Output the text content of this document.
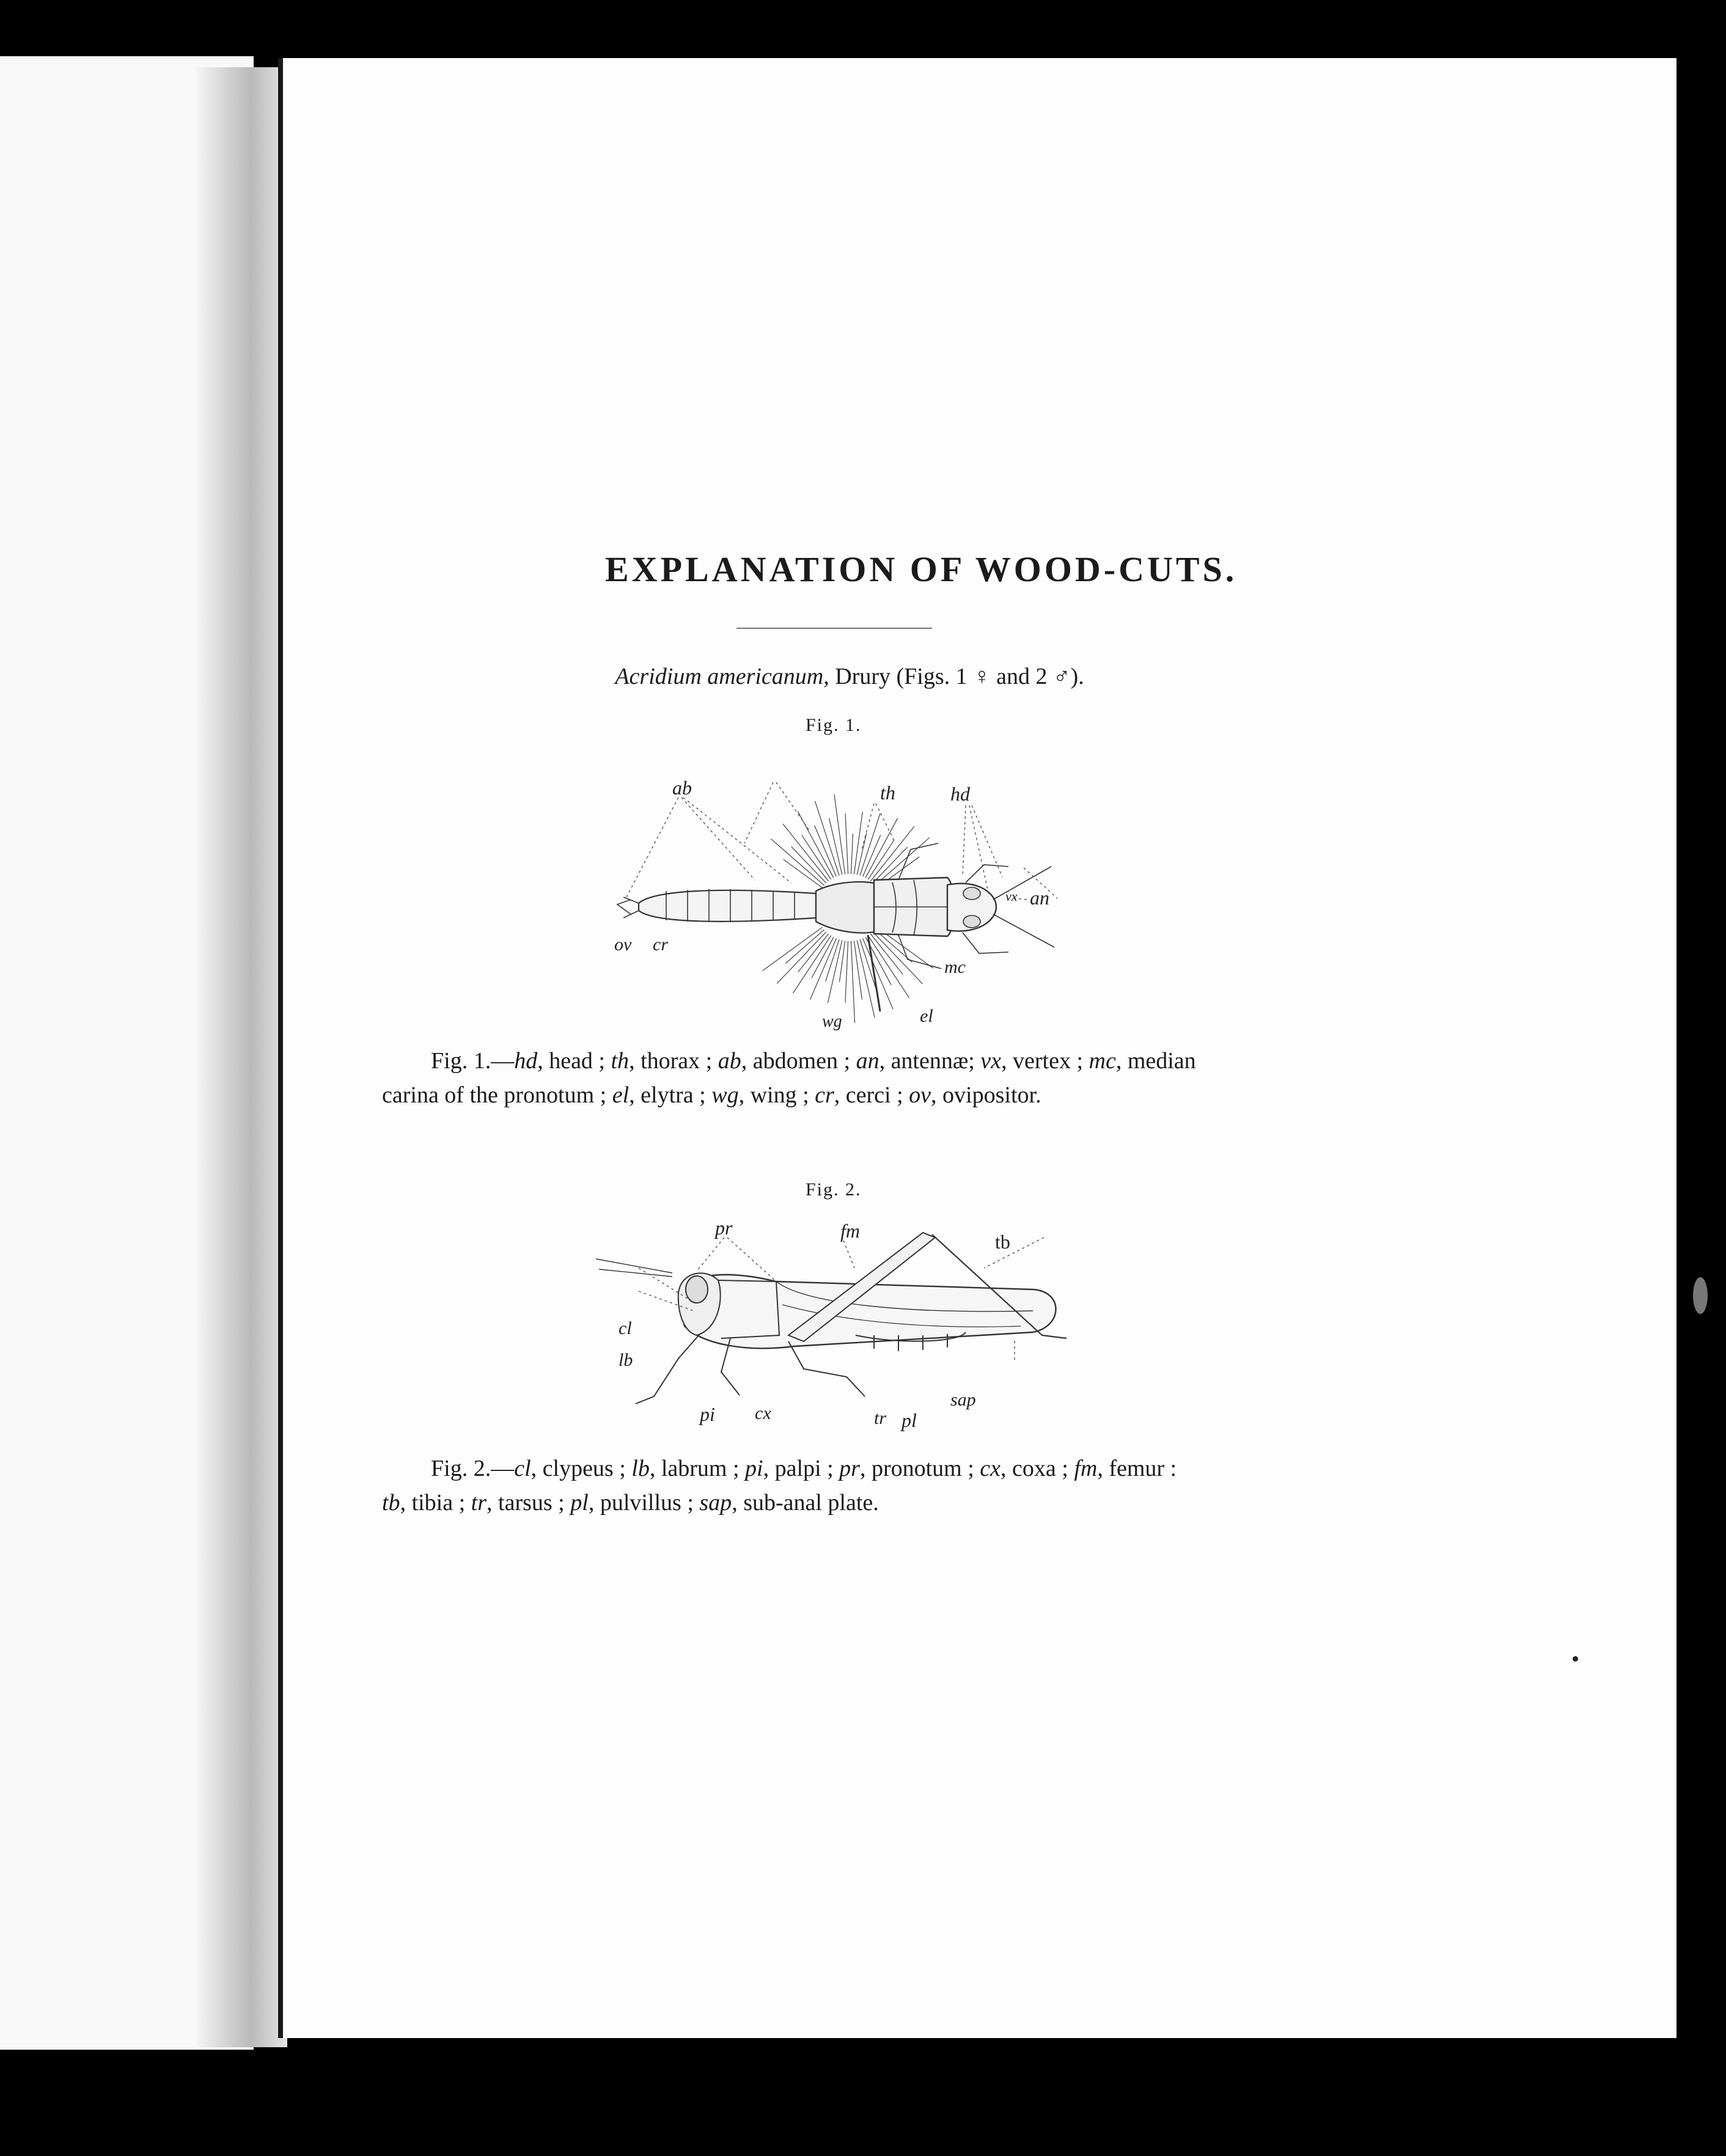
EXPLANATION OF WOOD-CUTS.
Acridium americanum, Drury (Figs. 1 ♀ and 2 ♂).
Fig. 1.
ab	th	hd
an
vx
ov cr
mc
wg	el
Fig. 1.—hd, head ; th, thorax ; ab, abdomen ; an, antennæ; vx, vertex ; mc, median
carina of the pronotum ; el, elytra ; wg, wing ; cr, cerci ; ov, ovipositor.
Fig. 2.
pr	fm	tb
cl
lb
pi cx	tr pl
sap
Fig. 2.—cl, clypeus ; lb, labrum ; pi, palpi ; pr, pronotum ; cx, coxa ; fm, femur :
tb, tibia ; tr, tarsus ; pl, pulvillus ; sap, sub-anal plate.
